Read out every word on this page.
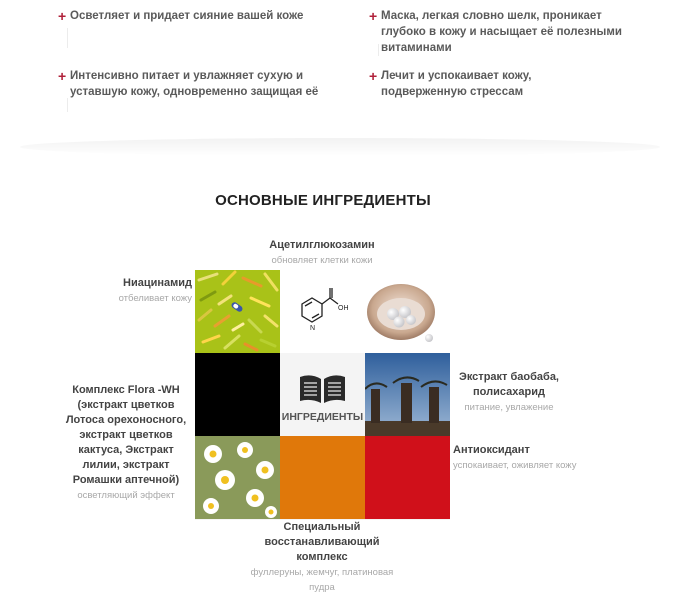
+ Осветляет и придает сияние вашей коже	+ Маска, легкая словно шелк, проникает глубоко в кожу и насыщает её полезными витаминами
+ Интенсивно питает и увлажняет сухую и уставшую кожу, одновременно защищая её
+ Лечит и успокаивает кожу, подверженную стрессам
ОСНОВНЫЕ ИНГРЕДИЕНТЫ
OH
N
ИНГРЕДИЕНТЫ
Ацетилглюкозамин
обновляет клетки кожи
Ниацинамид
отбеливает кожу
Комплекс Flora -WH (экстракт цветков Лотоса орехоносного, экстракт цветков кактуса, Экстракт лилии, экстракт Ромашки аптечной)
осветляющий эффект
Экстракт баобаба, полисахарид
питание, увлажение
Антиоксидант
успокаивает, оживляет кожу
Специальный восстанавливающий комплекс
фуллеруны, жемчуг, платиновая пудра
